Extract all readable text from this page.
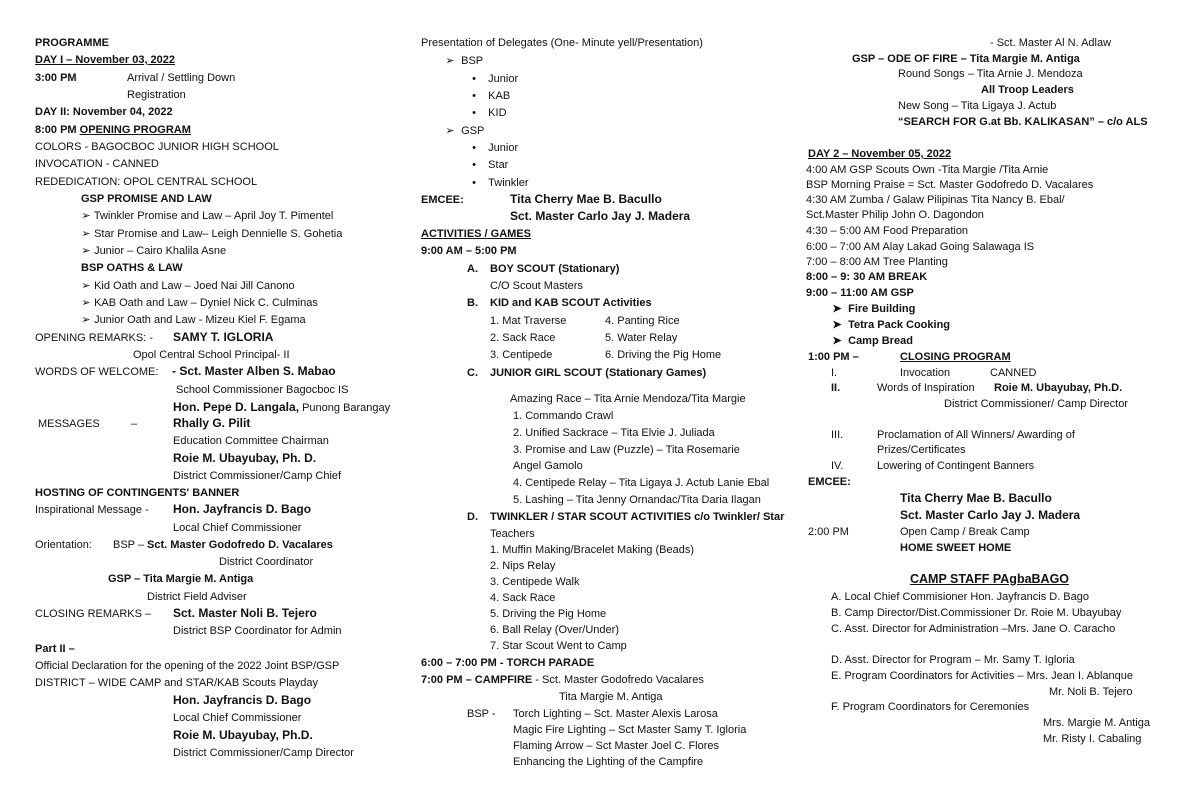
PROGRAMME
DAY I – November 03, 2022
3:00 PM	Arrival / Settling Down
Registration
DAY II: November 04, 2022
8:00 PM OPENING PROGRAM
COLORS - BAGOCBOC JUNIOR HIGH SCHOOL
INVOCATION - CANNED
REDEDICATION: OPOL CENTRAL SCHOOL
GSP PROMISE AND LAW
➢ Twinkler Promise and Law – April Joy T. Pimentel
➢ Star Promise and Law– Leigh Dennielle S. Gohetia
➢ Junior – Cairo Khalila Asne
BSP OATHS & LAW
➢ Kid Oath and Law – Joed Nai Jill Canono
➢ KAB Oath and Law – Dyniel Nick C. Culminas
➢ Junior Oath and Law - Mizeu Kiel F. Egama
OPENING REMARKS: - SAMY T. IGLORIA
Opol Central School Principal- II
WORDS OF WELCOME: - Sct. Master Alben S. Mabao
School Commissioner Bagocboc IS
Hon. Pepe D. Langala, Punong Barangay
MESSAGES	–	Rhally G. Pilit
Education Committee Chairman
Roie M. Ubayubay, Ph. D.
District Commissioner/Camp Chief
HOSTING OF CONTINGENTS' BANNER
Inspirational Message - Hon. Jayfrancis D. Bago
Local Chief Commissioner
Orientation: BSP – Sct. Master Godofredo D. Vacalares
District Coordinator
GSP – Tita Margie M. Antiga
District Field Adviser
CLOSING REMARKS – Sct. Master Noli B. Tejero
District BSP Coordinator for Admin
Part II –
Official Declaration for the opening of the 2022 Joint BSP/GSP
DISTRICT – WIDE CAMP and STAR/KAB Scouts Playday
Hon. Jayfrancis D. Bago
Local Chief Commissioner
Roie M. Ubayubay, Ph.D.
District Commissioner/Camp Director
Presentation of Delegates (One- Minute yell/Presentation)
➢ BSP
• Junior
• KAB
• KID
➢ GSP
• Junior
• Star
• Twinkler
EMCEE:	Tita Cherry Mae B. Bacullo
Sct. Master Carlo Jay J. Madera
ACTIVITIES / GAMES
9:00 AM – 5:00 PM
A. BOY SCOUT (Stationary)
C/O Scout Masters
B. KID and KAB SCOUT Activities
1. Mat Traverse
2. Sack Race
3. Centipede
4. Panting Rice
5. Water Relay
6. Driving the Pig Home
C. JUNIOR GIRL SCOUT (Stationary Games)
Amazing Race – Tita Arnie Mendoza/Tita Margie
1. Commando Crawl
2. Unified Sackrace – Tita Elvie J. Juliada
3. Promise and Law (Puzzle) – Tita Rosemarie
Angel Gamolo
4. Centipede Relay – Tita Ligaya J. Actub Lanie Ebal
5. Lashing – Tita Jenny Ornandac/Tita Daria Ilagan
D. TWINKLER / STAR SCOUT ACTIVITIES c/o Twinkler/ Star
Teachers
1. Muffin Making/Bracelet Making (Beads)
2. Nips Relay
3. Centipede Walk
4. Sack Race
5. Driving the Pig Home
6. Ball Relay (Over/Under)
7. Star Scout Went to Camp
6:00 – 7:00 PM - TORCH PARADE
7:00 PM – CAMPFIRE - Sct. Master Godofredo Vacalares
Tita Margie M. Antiga
BSP - Torch Lighting – Sct. Master Alexis Larosa
Magic Fire Lighting – Sct Master Samy T. Igloria
Flaming Arrow – Sct Master Joel C. Flores
Enhancing the Lighting of the Campfire
- Sct. Master Al N. Adlaw
GSP – ODE OF FIRE – Tita Margie M. Antiga
Round Songs – Tita Arnie J. Mendoza
All Troop Leaders
New Song – Tita Ligaya J. Actub
“SEARCH FOR G.at Bb. KALIKASAN” – c/o ALS
DAY 2 – November 05, 2022
4:00 AM GSP Scouts Own -Tita Margie /Tita Arnie
BSP Morning Praise = Sct. Master Godofredo D. Vacalares
4:30 AM Zumba / Galaw Pilipinas Tita Nancy B. Ebal/
Sct.Master Philip John O. Dagondon
4:30 – 5:00 AM Food Preparation
6:00 – 7:00 AM Alay Lakad Going Salawaga IS
7:00 – 8:00 AM Tree Planting
8:00 – 9: 30 AM BREAK
9:00 – 11:00 AM GSP
➤ Fire Building
➤ Tetra Pack Cooking
➤ Camp Bread
1:00 PM –	CLOSING PROGRAM
I.	Invocation	CANNED
II.	Words of Inspiration Roie M. Ubayubay, Ph.D.
District Commissioner/ Camp Director
III.	Proclamation of All Winners/ Awarding of
Prizes/Certificates
IV.	Lowering of Contingent Banners
EMCEE:
Tita Cherry Mae B. Bacullo
Sct. Master Carlo Jay J. Madera
2:00 PM	Open Camp / Break Camp
HOME SWEET HOME
CAMP STAFF PAgbaBAGO
A. Local Chief Commisioner Hon. Jayfrancis D. Bago
B. Camp Director/Dist.Commissioner Dr. Roie M. Ubayubay
C. Asst. Director for Administration –Mrs. Jane O. Caracho
D. Asst. Director for Program – Mr. Samy T. Igloria
E. Program Coordinators for Activities – Mrs. Jean I. Ablanque
Mr. Noli B. Tejero
F. Program Coordinators for Ceremonies
Mrs. Margie M. Antiga
Mr. Risty I. Cabaling
